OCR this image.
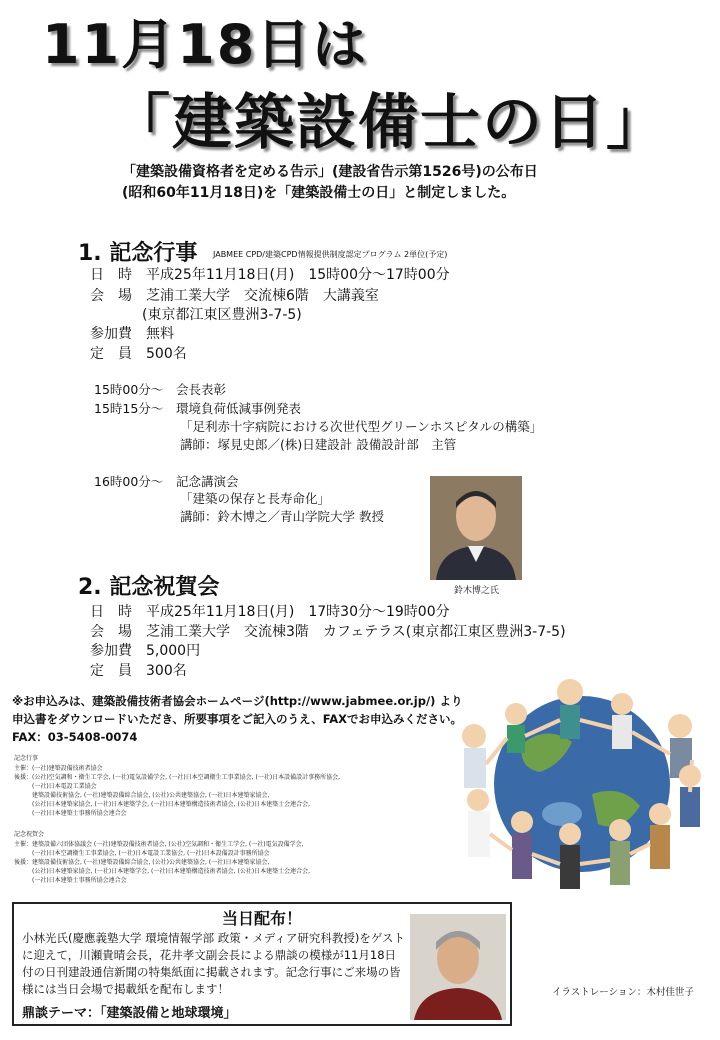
11月18日は
「建築設備士の日」
「建築設備資格者を定める告示」(建設省告示第1526号)の公布日
(昭和60年11月18日)を「建築設備士の日」と制定しました。
1. 記念行事 JABMEE CPD/建築CPD情報提供制度認定プログラム 2単位(予定)
日　時　平成25年11月18日(月)　15時00分～17時00分
会　場　芝浦工業大学　交流棟6階　大講義室
(東京都江東区豊洲3-7-5)
参加費　無料
定　員　500名
15時00分～ 会長表彰
15時15分～ 環境負荷低減事例発表
「足利赤十字病院における次世代型グリーンホスピタルの構築」
講師：塚見史郎／(株)日建設計 設備設計部　主管
16時00分～ 記念講演会
「建築の保存と長寿命化」
講師：鈴木博之／青山学院大学 教授
鈴木博之氏
2. 記念祝賀会
日　時　平成25年11月18日(月)　17時30分～19時00分
会　場　芝浦工業大学　交流棟3階　カフェテラス(東京都江東区豊洲3-7-5)
参加費　5,000円
定　員　300名
※お申込みは、建築設備技術者協会ホームページ(http://www.jabmee.or.jp/) より
申込書をダウンロードいただき、所要事項をご記入のうえ、FAXでお申込みください。
FAX：03-5408-0074
記念行事
主催：(一社)建築設備技術者協会
後援：(公社)空気調和・衛生工学会, (一社)電気設備学会, (一社)日本空調衛生工事業協会, (一社)日本設備設計事務所協会,
　　　(一社)日本電設工業協会
　　　建築設備技術協会, (一社)建築設備綜合協会, (公社)公共建築協会, (一社)日本建築家協会,
　　　(公社)日本建築家協会, (一社)日本建築学会, (一社)日本建築構造技術者協会, (公社)日本建築士会連合会,
　　　(一社)日本建築士事務所協会連合会
記念祝賀会
主催：建築設備六団体協議会 (一社)建築設備技術者協会, (公社)空気調和・衛生工学会, (一社)電気設備学会,
　　　(一社)日本空調衛生工事業協会, (一社)日本電設工業協会, (一社)日本設備設計事務所協会
後援：建築設備技術協会, (一社)建築設備綜合協会, (公社)公共建築協会, (一社)日本建築家協会,
　　　(公社)日本建築家協会, (一社)日本建築学会, (一社)日本建築構造技術者協会, (公社)日本建築士会連合会,
　　　(一社)日本建築士事務所協会連合会
当日配布！
小林光氏(慶應義塾大学 環境情報学部 政策・メディア研究科教授)をゲストに迎えて，川瀬貴晴会長，花井孝文副会長による鼎談の模様が11月18日付の日刊建設通信新聞の特集紙面に掲載されます。記念行事にご来場の皆様には当日会場で掲載紙を配布します！
鼎談テーマ：「建築設備と地球環境」
イラストレーション：木村佳世子
